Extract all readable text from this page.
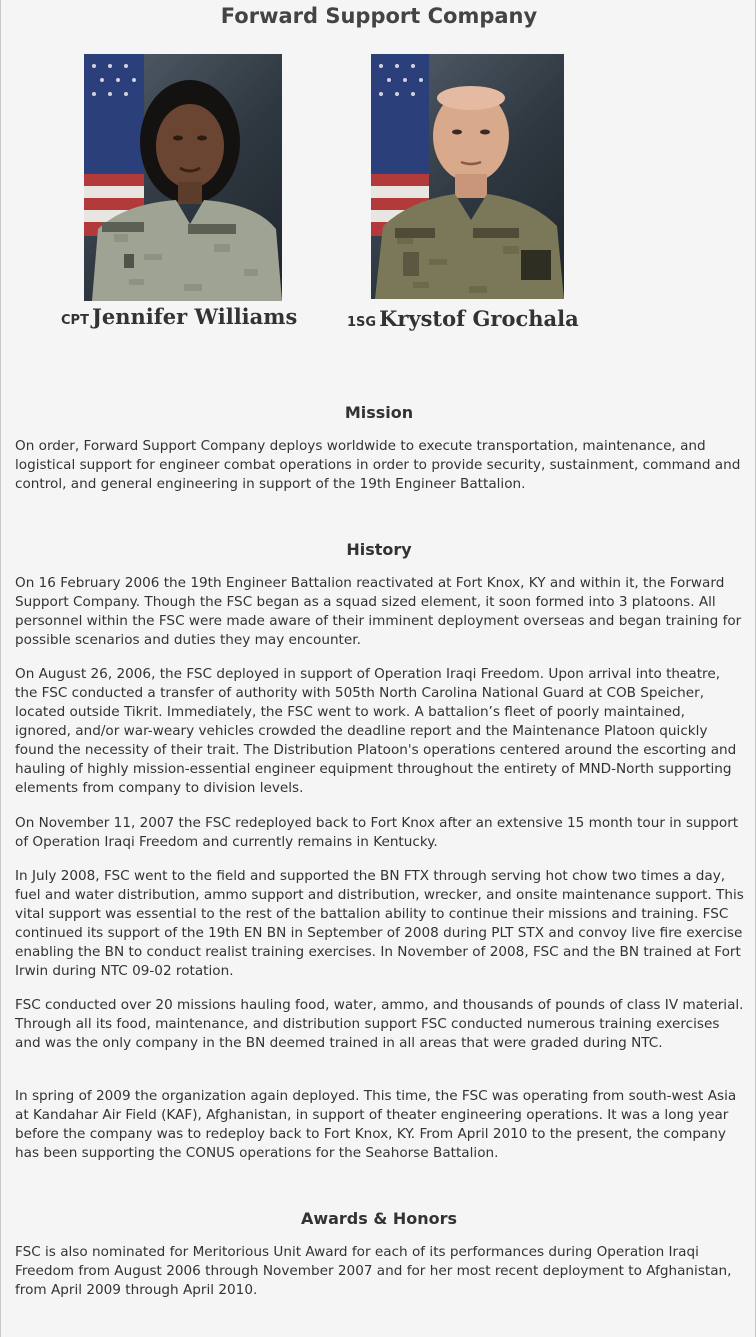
Forward Support Company
CPT Jennifer Williams	1SG Krystof Grochala
Mission

On order, Forward Support Company deploys worldwide to execute transportation, maintenance, and logistical support for engineer combat operations in order to provide security, sustainment, command and control, and general engineering in support of the 19th Engineer Battalion.

History

On 16 February 2006 the 19th Engineer Battalion reactivated at Fort Knox, KY and within it, the Forward Support Company. Though the FSC began as a squad sized element, it soon formed into 3 platoons. All personnel within the FSC were made aware of their imminent deployment overseas and began training for possible scenarios and duties they may encounter.

On August 26, 2006, the FSC deployed in support of Operation Iraqi Freedom. Upon arrival into theatre, the FSC conducted a transfer of authority with 505th North Carolina National Guard at COB Speicher, located outside Tikrit. Immediately, the FSC went to work. A battalion’s fleet of poorly maintained, ignored, and/or war-weary vehicles crowded the deadline report and the Maintenance Platoon quickly found the necessity of their trait. The Distribution Platoon's operations centered around the escorting and hauling of highly mission-essential engineer equipment throughout the entirety of MND-North supporting elements from company to division levels.

On November 11, 2007 the FSC redeployed back to Fort Knox after an extensive 15 month tour in support of Operation Iraqi Freedom and currently remains in Kentucky.

In July 2008, FSC went to the field and supported the BN FTX through serving hot chow two times a day, fuel and water distribution, ammo support and distribution, wrecker, and onsite maintenance support. This vital support was essential to the rest of the battalion ability to continue their missions and training. FSC continued its support of the 19th EN BN in September of 2008 during PLT STX and convoy live fire exercise enabling the BN to conduct realist training exercises. In November of 2008, FSC and the BN trained at Fort Irwin during NTC 09-02 rotation.

FSC conducted over 20 missions hauling food, water, ammo, and thousands of pounds of class IV material. Through all its food, maintenance, and distribution support FSC conducted numerous training exercises and was the only company in the BN deemed trained in all areas that were graded during NTC.

In spring of 2009 the organization again deployed. This time, the FSC was operating from south-west Asia at Kandahar Air Field (KAF), Afghanistan, in support of theater engineering operations. It was a long year before the company was to redeploy back to Fort Knox, KY. From April 2010 to the present, the company has been supporting the CONUS operations for the Seahorse Battalion.

Awards & Honors

FSC is also nominated for Meritorious Unit Award for each of its performances during Operation Iraqi Freedom from August 2006 through November 2007 and for her most recent deployment to Afghanistan, from April 2009 through April 2010.
